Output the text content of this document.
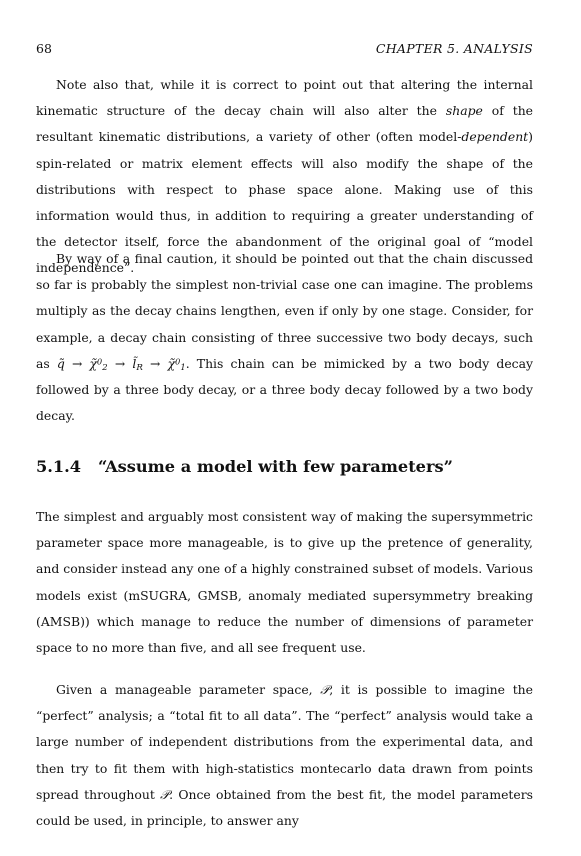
68	CHAPTER 5. ANALYSIS

Note also that, while it is correct to point out that altering the internal kinematic structure of the decay chain will also alter the shape of the resultant kinematic distributions, a variety of other (often model-dependent) spin-related or matrix element effects will also modify the shape of the distributions with respect to phase space alone. Making use of this information would thus, in addition to requiring a greater understanding of the detector itself, force the abandonment of the original goal of “model independence”.

By way of a final caution, it should be pointed out that the chain discussed so far is probably the simplest non-trivial case one can imagine. The problems multiply as the decay chains lengthen, even if only by one stage. Consider, for example, a decay chain consisting of three successive two body decays, such as q̃ → χ̃$^0_2$ → $l̃_R$ → χ̃$^0_1$. This chain can be mimicked by a two body decay followed by a three body decay, or a three body decay followed by a two body decay.

5.1.4 “Assume a model with few parameters”

The simplest and arguably most consistent way of making the supersymmetric parameter space more manageable, is to give up the pretence of generality, and consider instead any one of a highly constrained subset of models. Various models exist (mSUGRA, GMSB, anomaly mediated supersymmetry breaking (AMSB)) which manage to reduce the number of dimensions of parameter space to no more than five, and all see frequent use.

Given a manageable parameter space, 𝒫, it is possible to imagine the “perfect” analysis; a “total fit to all data”. The “perfect” analysis would take a large number of independent distributions from the experimental data, and then try to fit them with high-statistics montecarlo data drawn from points spread throughout 𝒫. Once obtained from the best fit, the model parameters could be used, in principle, to answer any
